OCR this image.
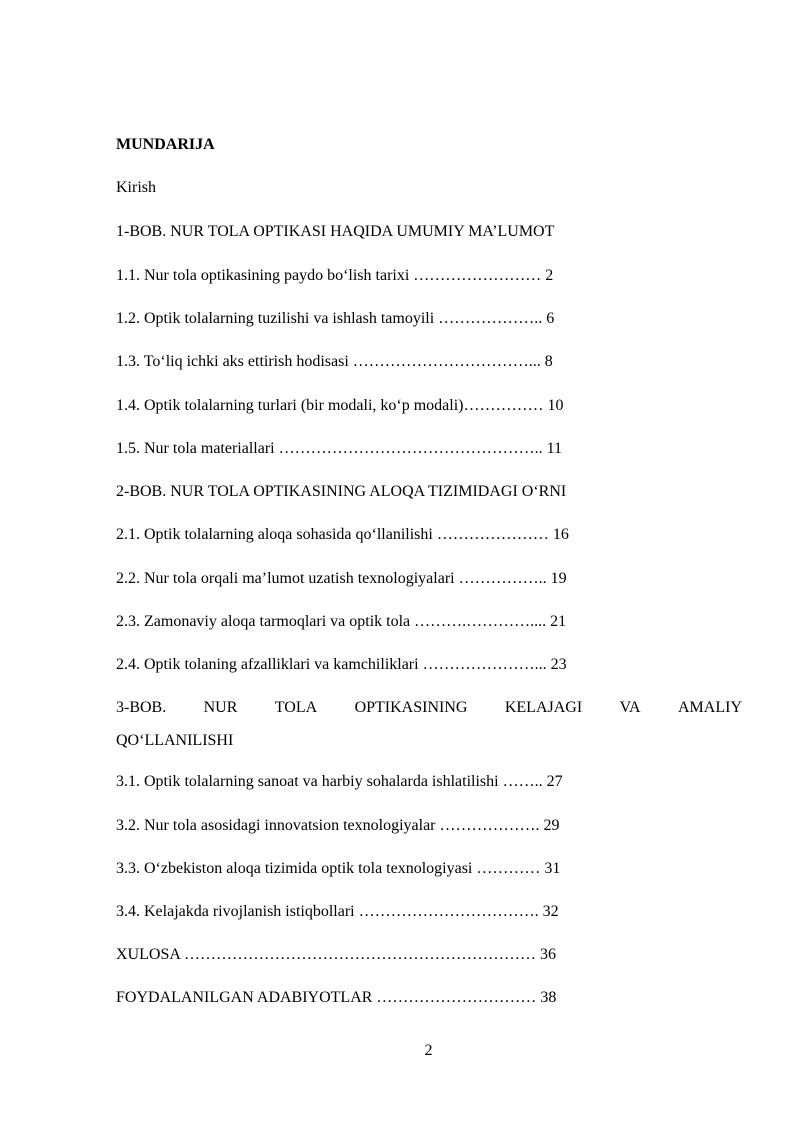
MUNDARIJA
Kirish
1-BOB. NUR TOLA OPTIKASI HAQIDA UMUMIY MA’LUMOT
1.1. Nur tola optikasining paydo bo‘lish tarixi …………………… 2
1.2. Optik tolalarning tuzilishi va ishlash tamoyili ……………….. 6
1.3. To‘liq ichki aks ettirish hodisasi ……………………………... 8
1.4. Optik tolalarning turlari (bir modali, ko‘p modali)…………… 10
1.5. Nur tola materiallari ………………………………………….. 11
2-BOB. NUR TOLA OPTIKASINING ALOQA TIZIMIDAGI O‘RNI
2.1. Optik tolalarning aloqa sohasida qo‘llanilishi ………………… 16
2.2. Nur tola orqali ma’lumot uzatish texnologiyalari …………….. 19
2.3. Zamonaviy aloqa tarmoqlari va optik tola ……….………….... 21
2.4. Optik tolaning afzalliklari va kamchiliklari …………………... 23
3-BOB. NUR TOLA OPTIKASINING KELAJAGI VA AMALIY
QO‘LLANILISHI
3.1. Optik tolalarning sanoat va harbiy sohalarda ishlatilishi …….. 27
3.2. Nur tola asosidagi innovatsion texnologiyalar ………………. 29
3.3. O‘zbekiston aloqa tizimida optik tola texnologiyasi ………… 31
3.4. Kelajakda rivojlanish istiqbollari ……………………………. 32
XULOSA ………………………………………………………… 36
FOYDALANILGAN ADABIYOTLAR ………………………… 38
2
